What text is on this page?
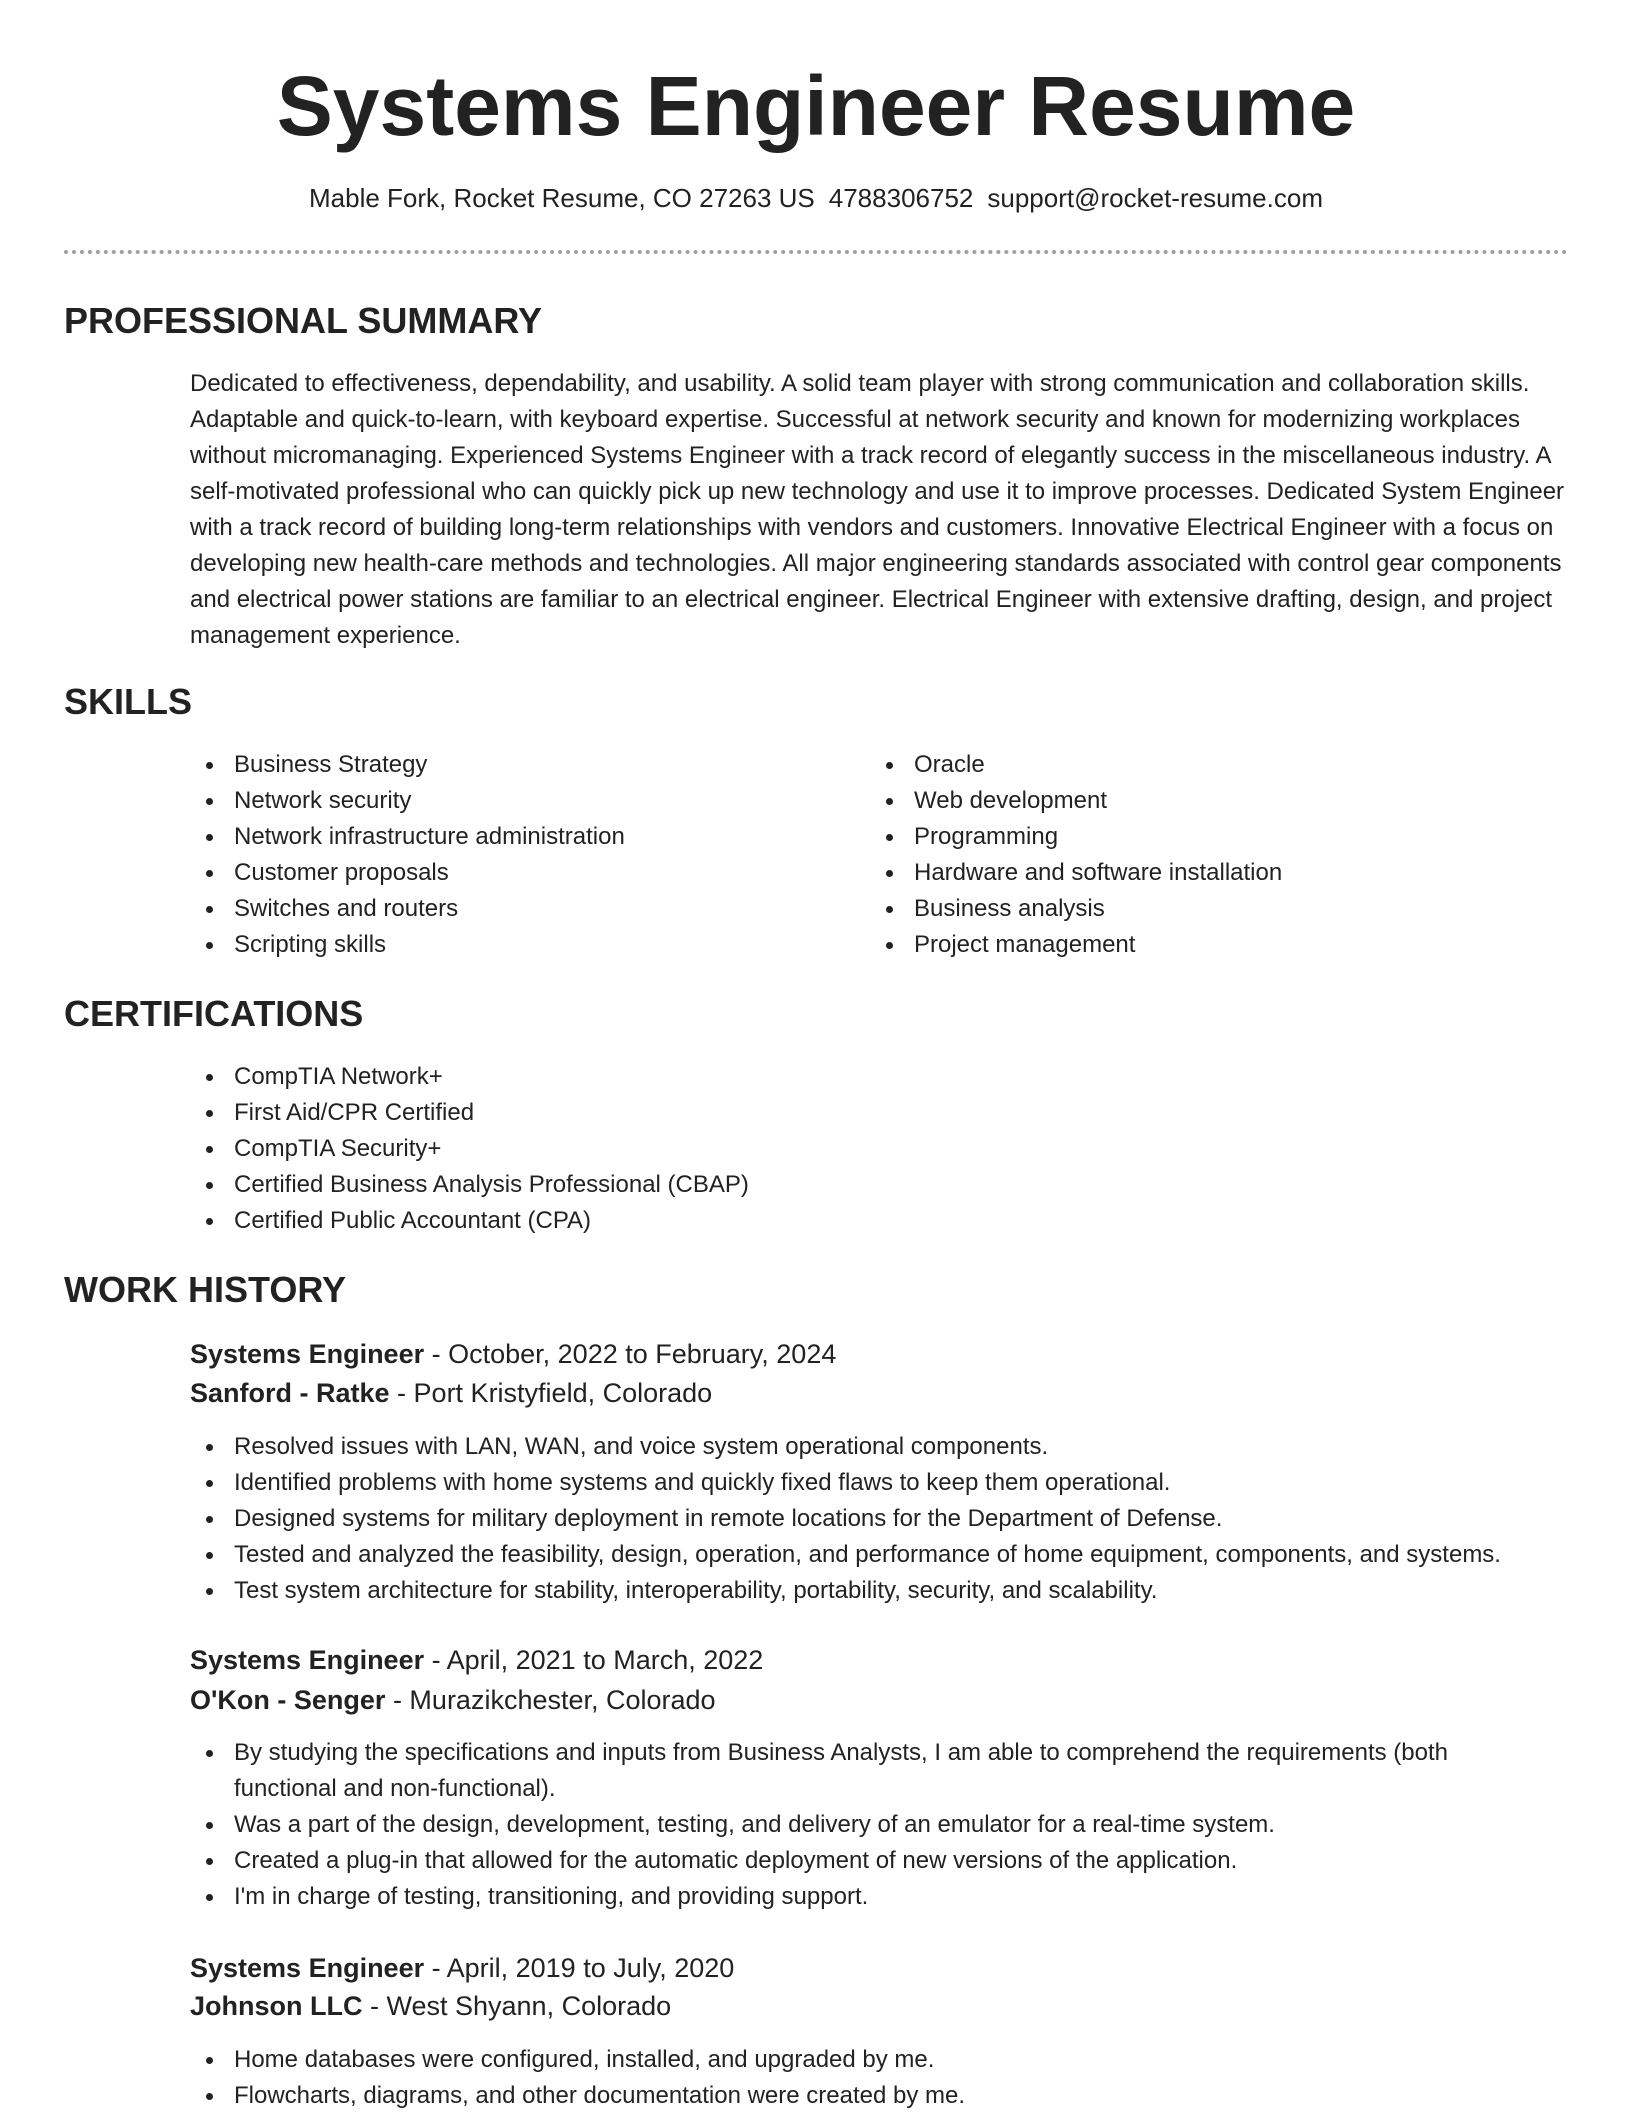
Systems Engineer Resume
Mable Fork, Rocket Resume, CO 27263 US 4788306752 support@rocket-resume.com
PROFESSIONAL SUMMARY

Dedicated to effectiveness, dependability, and usability. A solid team player with strong communication and collaboration skills. Adaptable and quick-to-learn, with keyboard expertise. Successful at network security and known for modernizing workplaces without micromanaging. Experienced Systems Engineer with a track record of elegantly success in the miscellaneous industry. A self-motivated professional who can quickly pick up new technology and use it to improve processes. Dedicated System Engineer with a track record of building long-term relationships with vendors and customers. Innovative Electrical Engineer with a focus on developing new health-care methods and technologies. All major engineering standards associated with control gear components and electrical power stations are familiar to an electrical engineer. Electrical Engineer with extensive drafting, design, and project management experience.

SKILLS
Business Strategy
Network security
Network infrastructure administration
Customer proposals
Switches and routers
Scripting skills
Oracle
Web development
Programming
Hardware and software installation
Business analysis
Project management
CERTIFICATIONS
CompTIA Network+
First Aid/CPR Certified
CompTIA Security+
Certified Business Analysis Professional (CBAP)
Certified Public Accountant (CPA)
WORK HISTORY
Systems Engineer - October, 2022 to February, 2024
Sanford - Ratke - Port Kristyfield, Colorado
Resolved issues with LAN, WAN, and voice system operational components.
Identified problems with home systems and quickly fixed flaws to keep them operational.
Designed systems for military deployment in remote locations for the Department of Defense.
Tested and analyzed the feasibility, design, operation, and performance of home equipment, components, and systems.
Test system architecture for stability, interoperability, portability, security, and scalability.
Systems Engineer - April, 2021 to March, 2022
O'Kon - Senger - Murazikchester, Colorado
By studying the specifications and inputs from Business Analysts, I am able to comprehend the requirements (both functional and non-functional).
Was a part of the design, development, testing, and delivery of an emulator for a real-time system.
Created a plug-in that allowed for the automatic deployment of new versions of the application.
I'm in charge of testing, transitioning, and providing support.
Systems Engineer - April, 2019 to July, 2020
Johnson LLC - West Shyann, Colorado
Home databases were configured, installed, and upgraded by me.
Flowcharts, diagrams, and other documentation were created by me.
